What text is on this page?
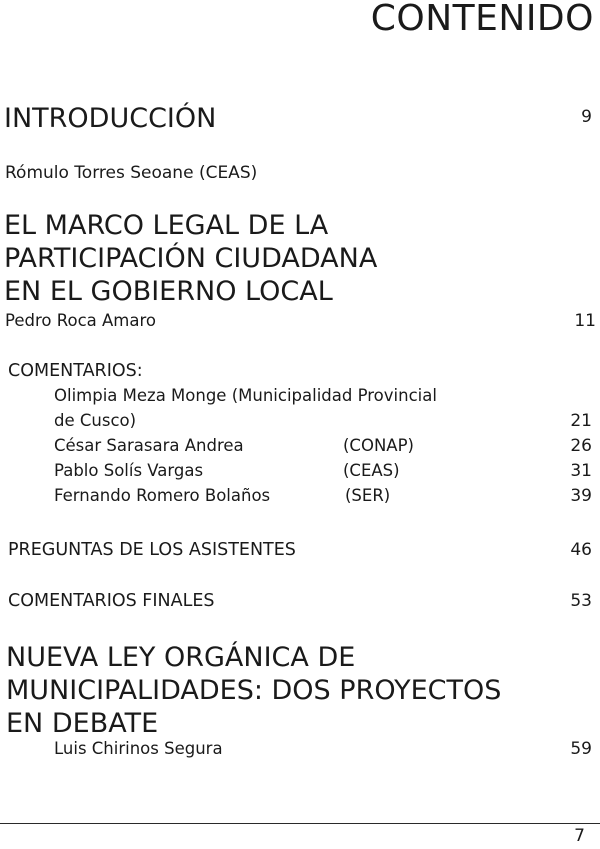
CONTENIDO
INTRODUCCIÓN	9
Rómulo Torres Seoane (CEAS)
EL MARCO LEGAL DE LA
PARTICIPACIÓN CIUDADANA
EN EL GOBIERNO LOCAL
Pedro Roca Amaro	11
COMENTARIOS:
Olimpia Meza Monge (Municipalidad Provincial
de Cusco)	21
César Sarasara Andrea	(CONAP)	26
Pablo Solís Vargas	(CEAS)	31
Fernando Romero Bolaños	(SER)	39
PREGUNTAS DE LOS ASISTENTES	46
COMENTARIOS FINALES	53
NUEVA LEY ORGÁNICA DE
MUNICIPALIDADES: DOS PROYECTOS
EN DEBATE
Luis Chirinos Segura	59
7
